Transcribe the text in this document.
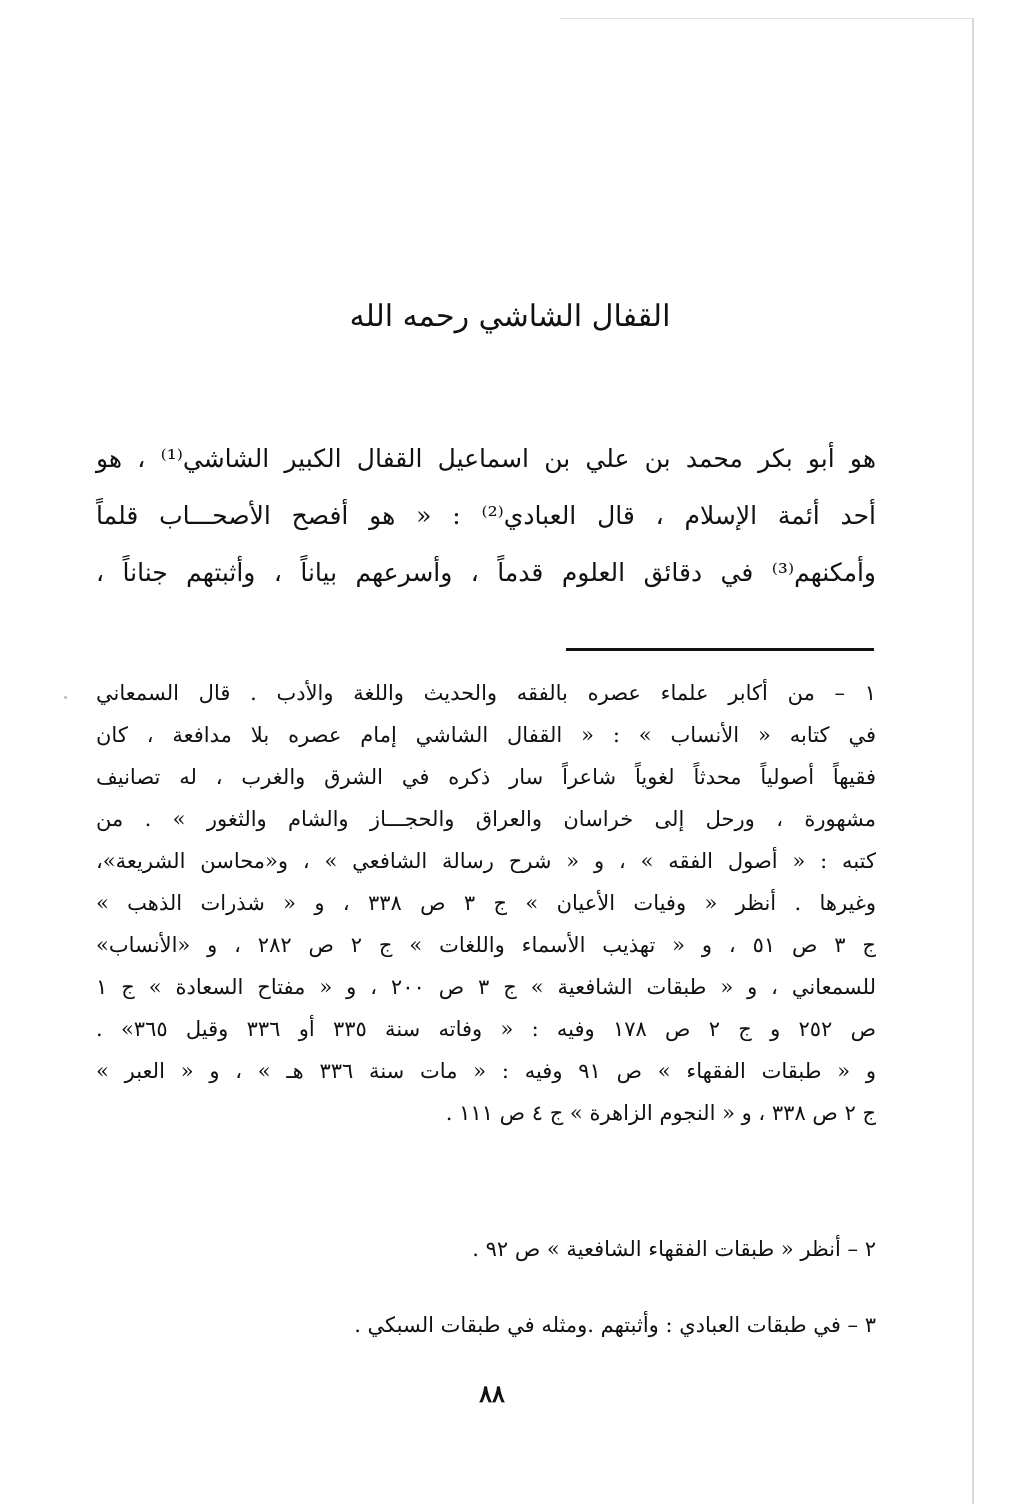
القفال الشاشي رحمه الله
هو أبو بكر محمد بن علي بن اسماعيل القفال الكبير الشاشي⁽¹⁾ ، هو
أحد أئمة الإسلام ، قال العبادي⁽²⁾ : « هو أفصح الأصحـــاب قلماً
وأمكنهم⁽³⁾ في دقائق العلوم قدماً ، وأسرعهم بياناً ، وأثبتهم جناناً ،
١ – من أكابر علماء عصره بالفقه والحديث واللغة والأدب . قال السمعاني
في كتابه « الأنساب » : « القفال الشاشي إمام عصره بلا مدافعة ، كان
فقيهاً أصولياً محدثاً لغوياً شاعراً سار ذكره في الشرق والغرب ، له تصانيف
مشهورة ، ورحل إلى خراسان والعراق والحجـــاز والشام والثغور » . من
كتبه : « أصول الفقه » ، و « شرح رسالة الشافعي » ، و«محاسن الشريعة»،
وغيرها . أنظر « وفيات الأعيان » ج ٣ ص ٣٣٨ ، و « شذرات الذهب »
ج ٣ ص ٥١ ، و « تهذيب الأسماء واللغات » ج ٢ ص ٢٨٢ ، و «الأنساب»
للسمعاني ، و « طبقات الشافعية » ج ٣ ص ٢٠٠ ، و « مفتاح السعادة » ج ١
ص ٢٥٢ و ج ٢ ص ١٧٨ وفيه : « وفاته سنة ٣٣٥ أو ٣٣٦ وقيل ٣٦٥» .
و « طبقات الفقهاء » ص ٩١ وفيه : « مات سنة ٣٣٦ هـ » ، و « العبر »
ج ٢ ص ٣٣٨ ، و « النجوم الزاهرة » ج ٤ ص ١١١ .
٢ – أنظر « طبقات الفقهاء الشافعية » ص ٩٢ .
٣ – في طبقات العبادي : وأثبتهم .ومثله في طبقات السبكي .
٨٨
